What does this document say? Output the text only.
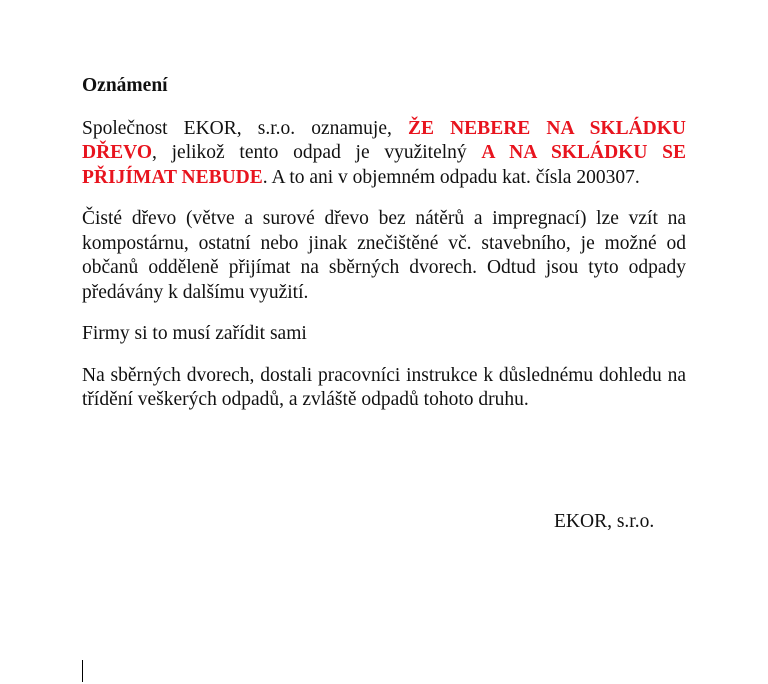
Oznámení

Společnost EKOR, s.r.o. oznamuje, ŽE NEBERE NA SKLÁDKU DŘEVO, jelikož tento odpad je využitelný A NA SKLÁDKU SE PŘIJÍMAT NEBUDE. A to ani v objemném odpadu kat. čísla 200307.

Čisté dřevo (větve a surové dřevo bez nátěrů a impregnací) lze vzít na kompostárnu, ostatní nebo jinak znečištěné vč. stavebního, je možné od občanů odděleně přijímat na sběrných dvorech. Odtud jsou tyto odpady předávány k dalšímu využití.

Firmy si to musí zařídit sami

Na sběrných dvorech, dostali pracovníci instrukce k důslednému dohledu na třídění veškerých odpadů, a zvláště odpadů tohoto druhu.

EKOR, s.r.o.
